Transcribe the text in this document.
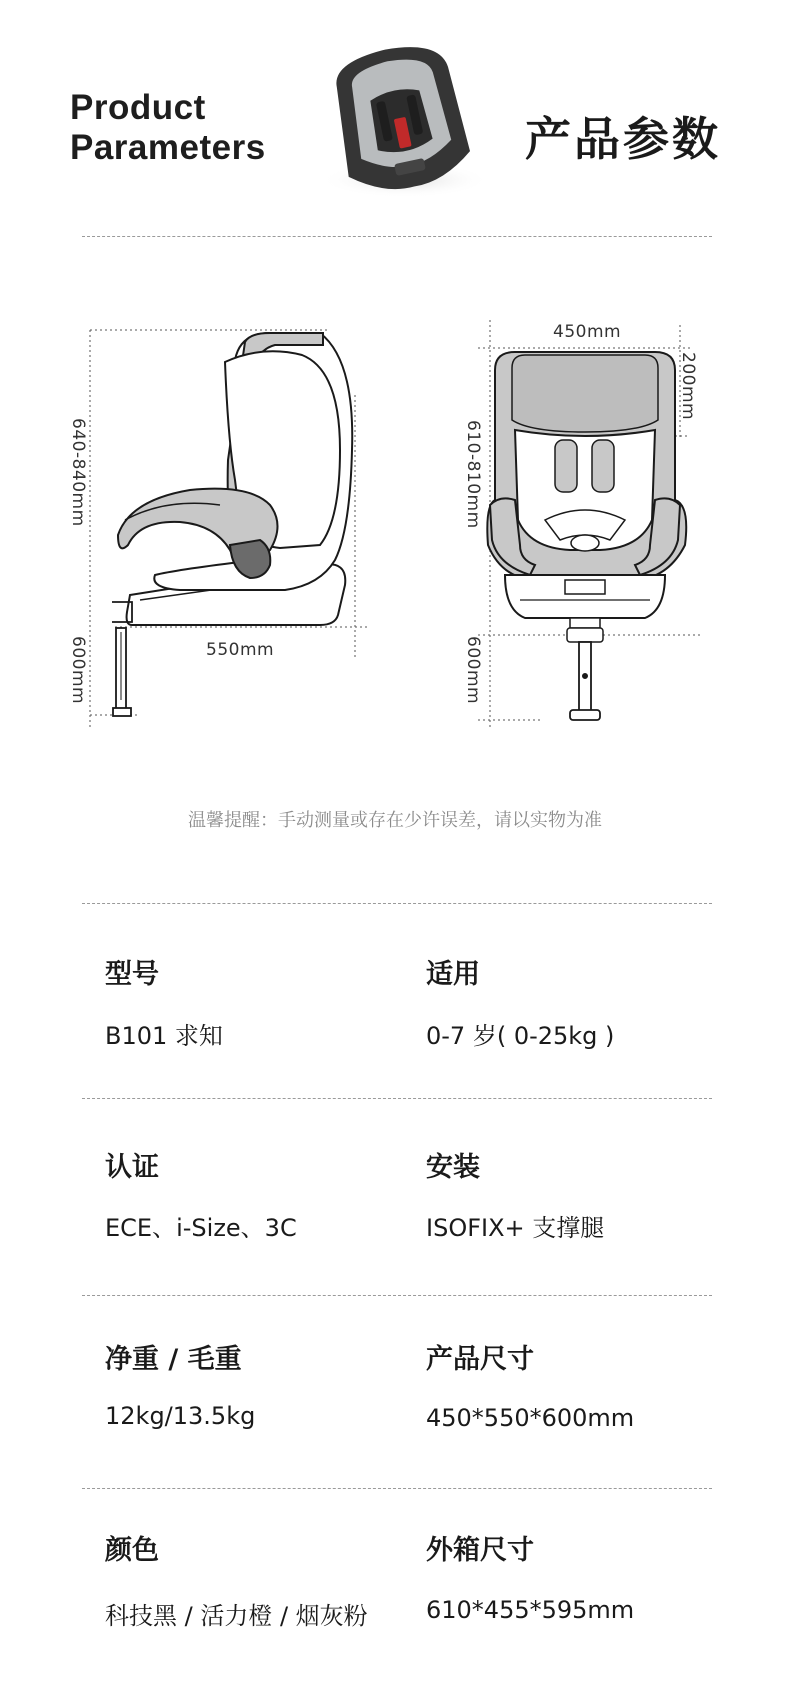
Product
Parameters	产品参数
550mm
640-840mm
600mm
450mm
200mm
610-810mm
600mm
温馨提醒：手动测量或存在少许误差，请以实物为准
型号
B101 求知
适用
0-7 岁( 0-25kg )
认证
ECE、i-Size、3C
安装
ISOFIX+ 支撑腿
净重 / 毛重
12kg/13.5kg
产品尺寸
450*550*600mm
颜色
科技黑 / 活力橙 / 烟灰粉
外箱尺寸
610*455*595mm
